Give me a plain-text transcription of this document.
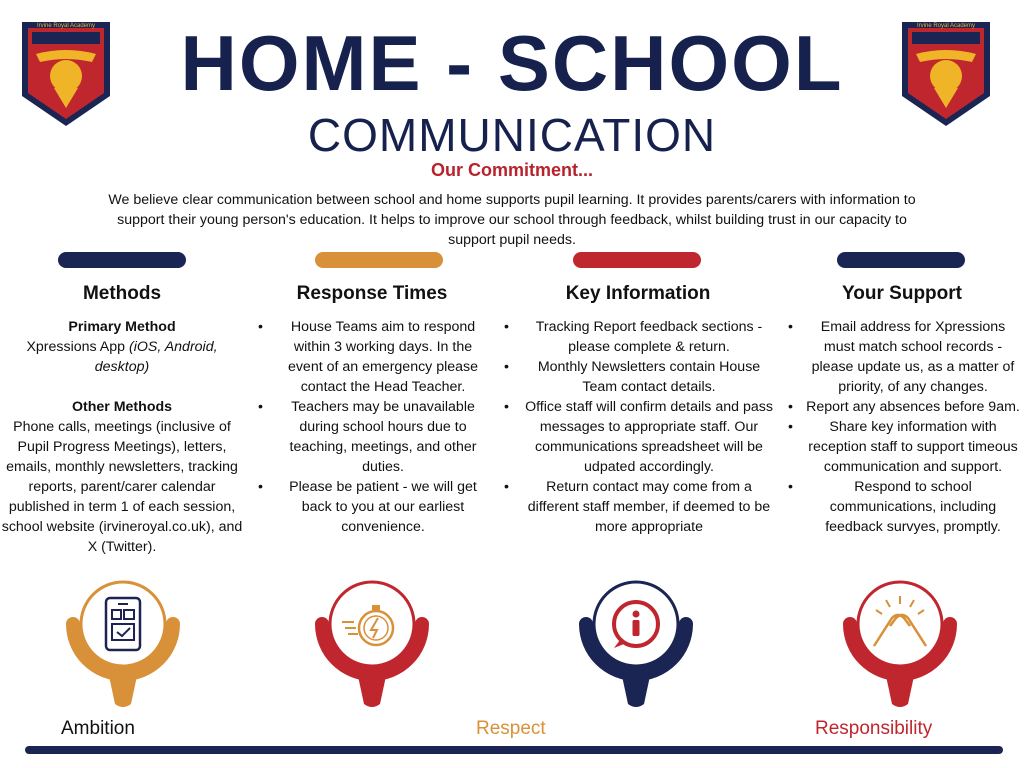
Irvine Royal Academy	Irvine Royal Academy
HOME - SCHOOL
COMMUNICATION
Our Commitment...
We believe clear communication between school and home supports pupil learning. It provides parents/carers with information to
support their young person's education. It helps to improve our school through feedback, whilst building trust in our capacity to
support pupil needs.
Methods
Primary Method
Xpressions App (iOS, Android, desktop)
Other Methods
Phone calls, meetings (inclusive of Pupil Progress Meetings), letters, emails, monthly newsletters, tracking reports, parent/carer calendar published in term 1 of each session, school website (irvineroyal.co.uk), and X (Twitter).
Response Times
• House Teams aim to respond within 3 working days. In the event of an emergency please contact the Head Teacher.
• Teachers may be unavailable during school hours due to teaching, meetings, and other duties.
• Please be patient - we will get back to you at our earliest convenience.
Key Information
• Tracking Report feedback sections - please complete & return.
• Monthly Newsletters contain House Team contact details.
• Office staff will confirm details and pass messages to appropriate staff. Our communications spreadsheet will be udpated accordingly.
• Return contact may come from a different staff member, if deemed to be more appropriate
Your Support
• Email address for Xpressions must match school records - please update us, as a matter of priority, of any changes.
• Report any absences before 9am.
• Share key information with reception staff to support timeous communication and support.
• Respond to school communications, including feedback survyes, promptly.
Ambition	Respect	Responsibility
